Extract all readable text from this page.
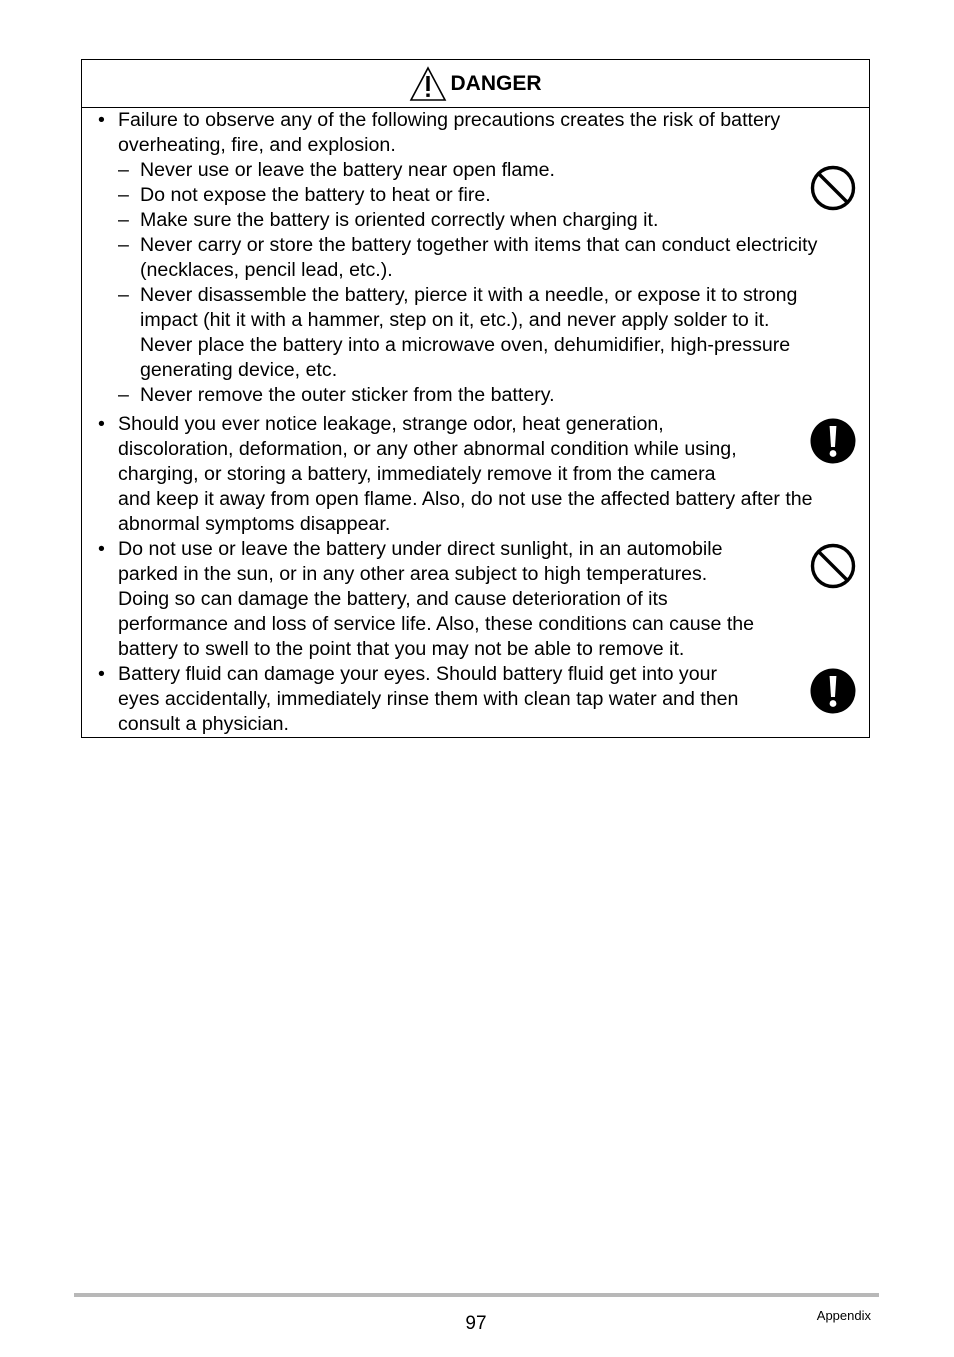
DANGER
• Failure to observe any of the following precautions creates the risk of battery
overheating, fire, and explosion.
– Never use or leave the battery near open flame.
– Do not expose the battery to heat or fire.
– Make sure the battery is oriented correctly when charging it.
– Never carry or store the battery together with items that can conduct electricity
(necklaces, pencil lead, etc.).
– Never disassemble the battery, pierce it with a needle, or expose it to strong
impact (hit it with a hammer, step on it, etc.), and never apply solder to it.
Never place the battery into a microwave oven, dehumidifier, high-pressure
generating device, etc.
– Never remove the outer sticker from the battery.
• Should you ever notice leakage, strange odor, heat generation,
discoloration, deformation, or any other abnormal condition while using,
charging, or storing a battery, immediately remove it from the camera
and keep it away from open flame. Also, do not use the affected battery after the
abnormal symptoms disappear.
• Do not use or leave the battery under direct sunlight, in an automobile
parked in the sun, or in any other area subject to high temperatures.
Doing so can damage the battery, and cause deterioration of its
performance and loss of service life. Also, these conditions can cause the
battery to swell to the point that you may not be able to remove it.
• Battery fluid can damage your eyes. Should battery fluid get into your
eyes accidentally, immediately rinse them with clean tap water and then
consult a physician.
97	Appendix
